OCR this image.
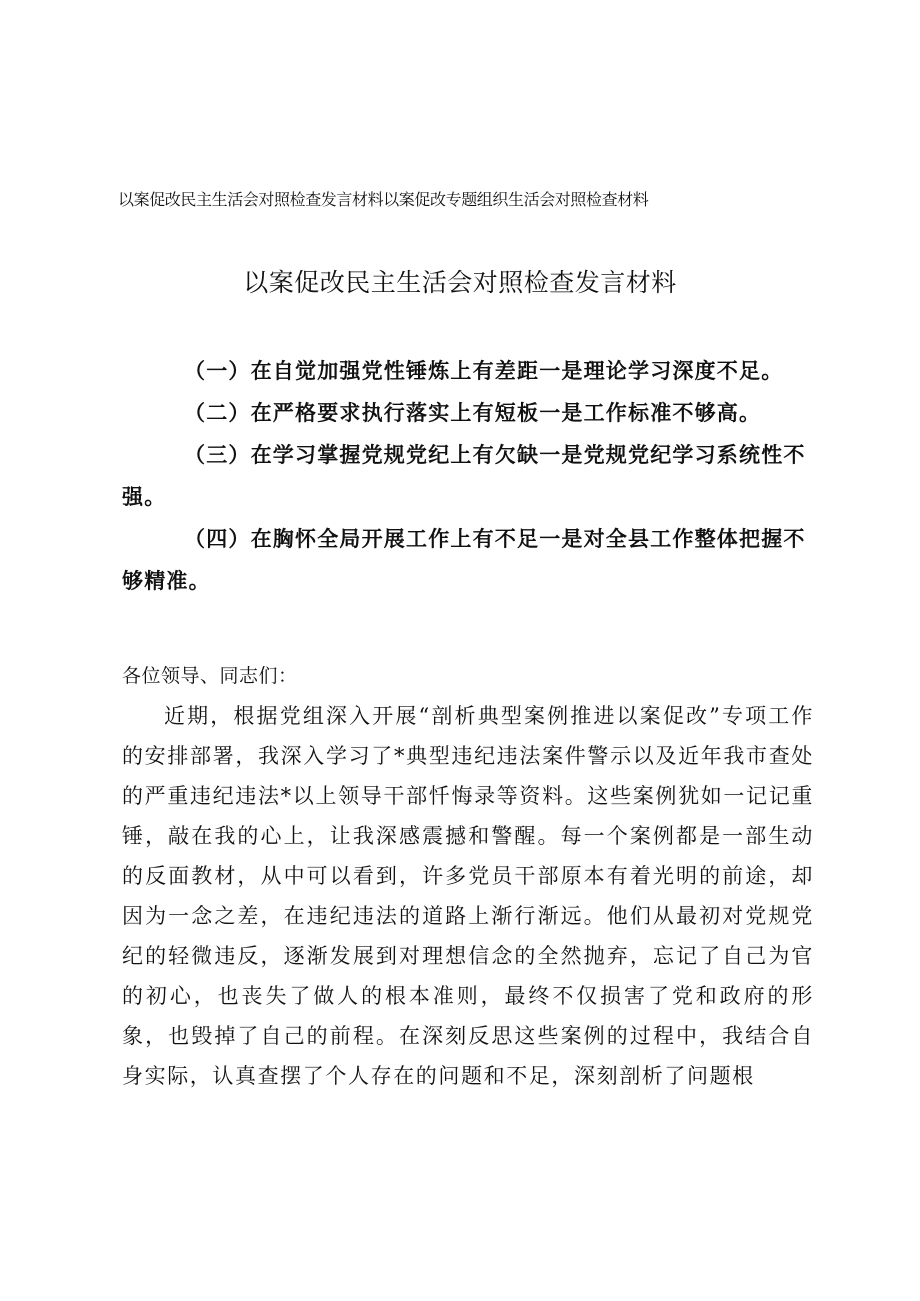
以案促改民主生活会对照检查发言材料以案促改专题组织生活会对照检查材料
以案促改民主生活会对照检查发言材料

（一）在自觉加强党性锤炼上有差距一是理论学习深度不足。

（二）在严格要求执行落实上有短板一是工作标准不够高。

（三）在学习掌握党规党纪上有欠缺一是党规党纪学习系统性不强。

（四）在胸怀全局开展工作上有不足一是对全县工作整体把握不够精准。

各位领导、同志们：

近期，根据党组深入开展“剖析典型案例推进以案促改”专项工作的安排部署，我深入学习了*典型违纪违法案件警示以及近年我市查处的严重违纪违法*以上领导干部忏悔录等资料。这些案例犹如一记记重锤，敲在我的心上，让我深感震撼和警醒。每一个案例都是一部生动的反面教材，从中可以看到，许多党员干部原本有着光明的前途，却因为一念之差，在违纪违法的道路上渐行渐远。他们从最初对党规党纪的轻微违反，逐渐发展到对理想信念的全然抛弃，忘记了自己为官的初心，也丧失了做人的根本准则，最终不仅损害了党和政府的形象，也毁掉了自己的前程。在深刻反思这些案例的过程中，我结合自身实际，认真查摆了个人存在的问题和不足，深刻剖析了问题根
